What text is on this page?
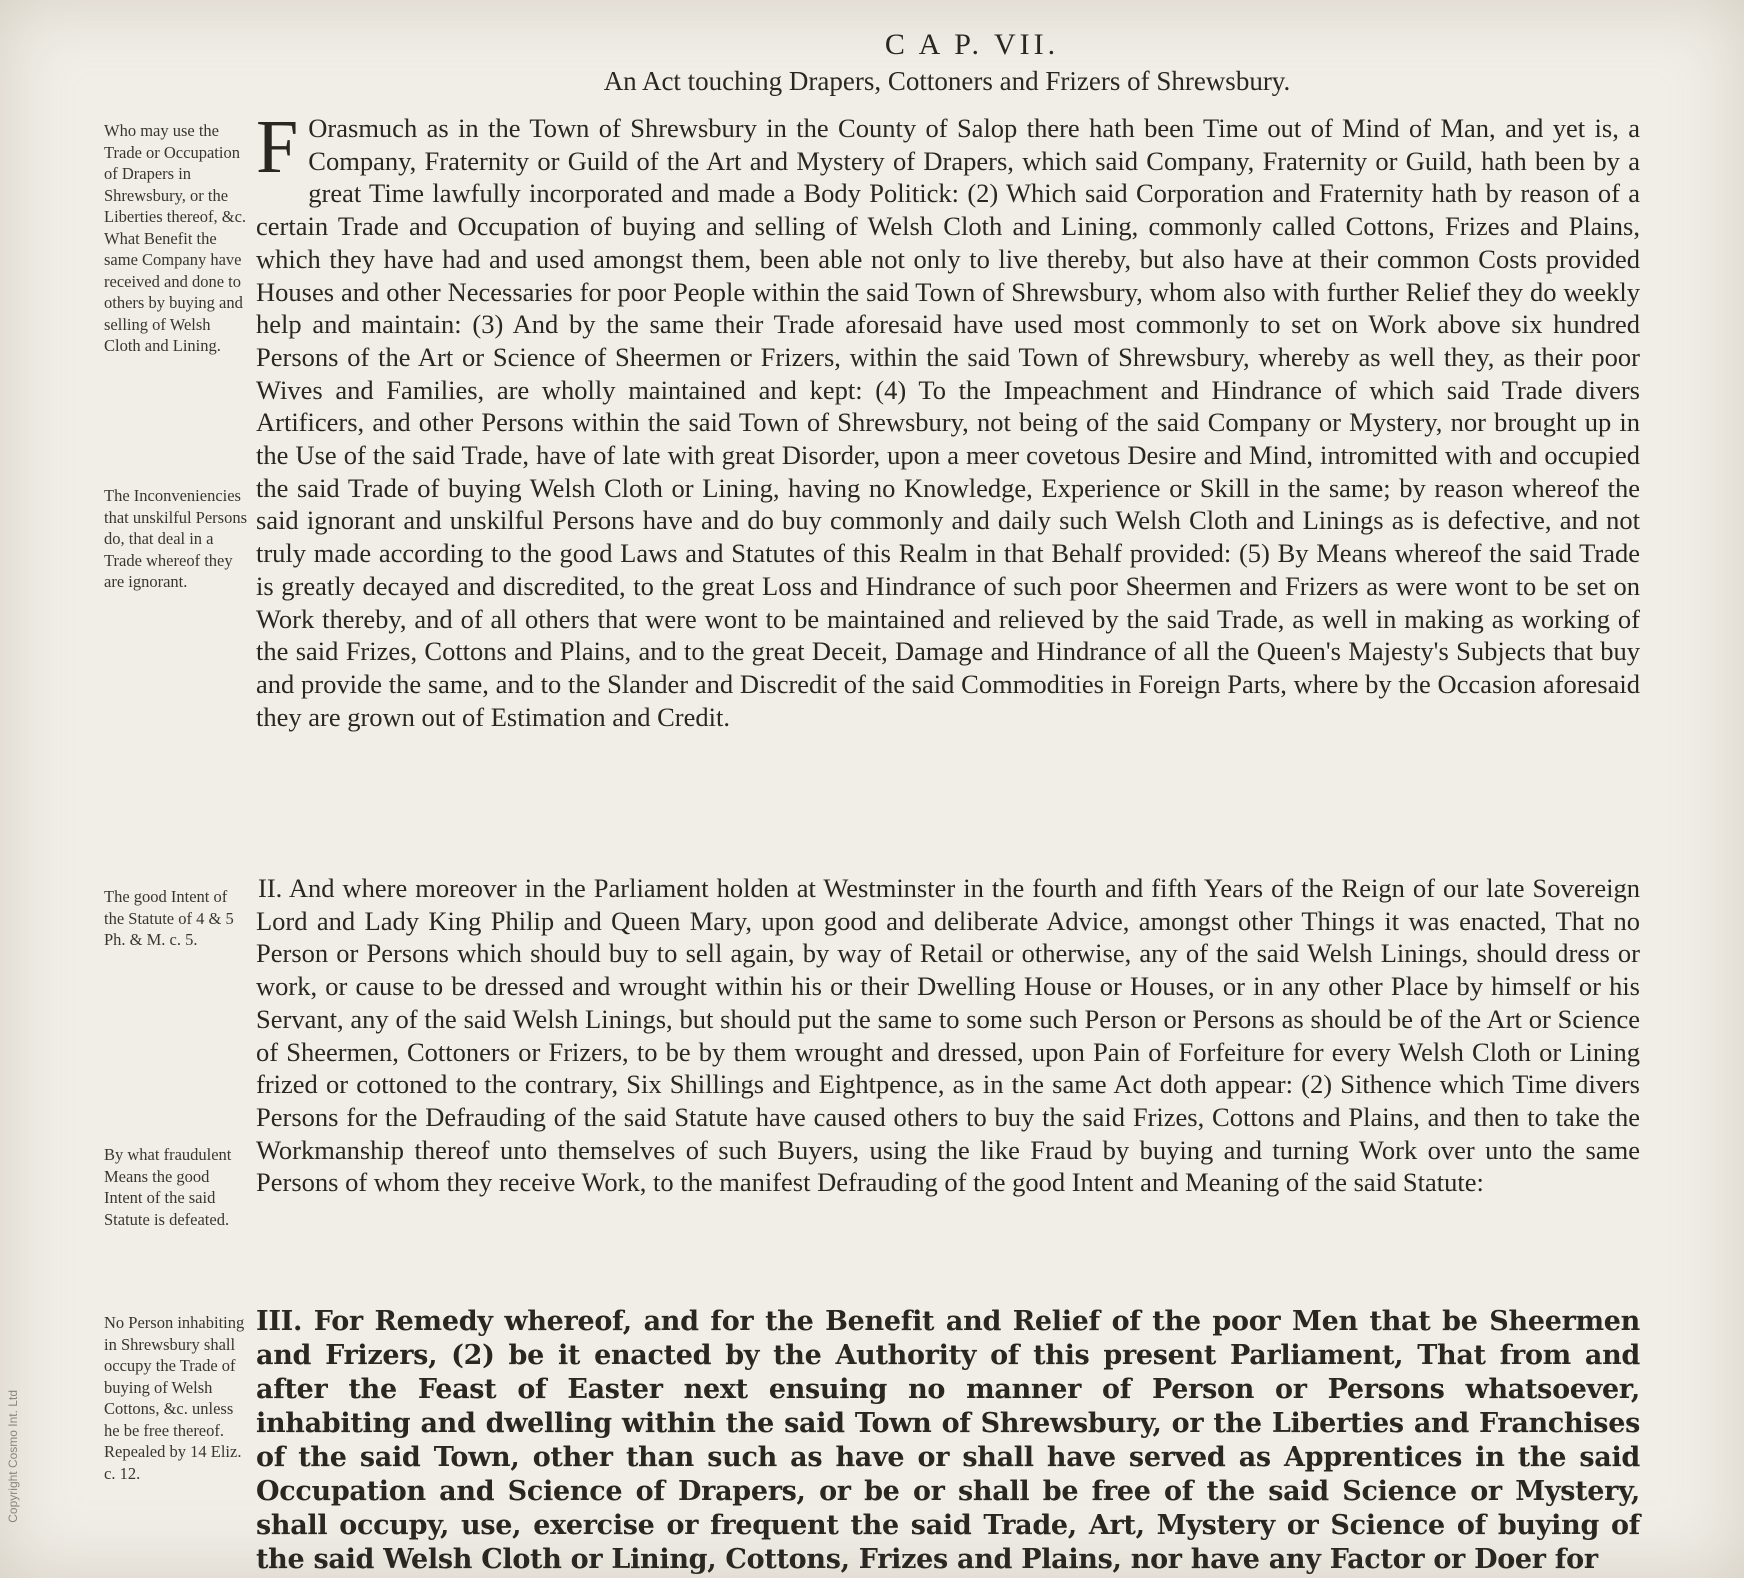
C A P. VII.
An Act touching Drapers, Cottoners and Frizers of Shrewsbury.
Who may use the Trade or Occupation of Drapers in Shrewsbury, or the Liberties thereof, &c. What Benefit the same Company have received and done to others by buying and selling of Welsh Cloth and Lining.
The Inconveniencies that unskilful Persons do, that deal in a Trade whereof they are ignorant.
The good Intent of the Statute of 4 & 5 Ph. & M. c. 5.
By what fraudulent Means the good Intent of the said Statute is defeated.
No Person inhabiting in Shrewsbury shall occupy the Trade of buying of Welsh Cottons, &c. unless he be free thereof. Repealed by 14 Eliz. c. 12.
F Orasmuch as in the Town of Shrewsbury in the County of Salop there hath been Time out of Mind of Man, and yet is, a Company, Fraternity or Guild of the Art and Mystery of Drapers, which said Company, Fraternity or Guild, hath been by a great Time lawfully incorporated and made a Body Politick: (2) Which said Corporation and Fraternity hath by reason of a certain Trade and Occupation of buying and selling of Welsh Cloth and Lining, commonly called Cottons, Frizes and Plains, which they have had and used amongst them, been able not only to live thereby, but also have at their common Costs provided Houses and other Necessaries for poor People within the said Town of Shrewsbury, whom also with further Relief they do weekly help and maintain: (3) And by the same their Trade aforesaid have used most commonly to set on Work above six hundred Persons of the Art or Science of Sheermen or Frizers, within the said Town of Shrewsbury, whereby as well they, as their poor Wives and Families, are wholly maintained and kept: (4) To the Impeachment and Hindrance of which said Trade divers Artificers, and other Persons within the said Town of Shrewsbury, not being of the said Company or Mystery, nor brought up in the Use of the said Trade, have of late with great Disorder, upon a meer covetous Desire and Mind, intromitted with and occupied the said Trade of buying Welsh Cloth or Lining, having no Knowledge, Experience or Skill in the same; by reason whereof the said ignorant and unskilful Persons have and do buy commonly and daily such Welsh Cloth and Linings as is defective, and not truly made according to the good Laws and Statutes of this Realm in that Behalf provided: (5) By Means whereof the said Trade is greatly decayed and discredited, to the great Loss and Hindrance of such poor Sheermen and Frizers as were wont to be set on Work thereby, and of all others that were wont to be maintained and relieved by the said Trade, as well in making as working of the said Frizes, Cottons and Plains, and to the great Deceit, Damage and Hindrance of all the Queen's Majesty's Subjects that buy and provide the same, and to the Slander and Discredit of the said Commodities in Foreign Parts, where by the Occasion aforesaid they are grown out of Estimation and Credit.
II. And where moreover in the Parliament holden at Westminster in the fourth and fifth Years of the Reign of our late Sovereign Lord and Lady King Philip and Queen Mary, upon good and deliberate Advice, amongst other Things it was enacted, That no Person or Persons which should buy to sell again, by way of Retail or otherwise, any of the said Welsh Linings, should dress or work, or cause to be dressed and wrought within his or their Dwelling House or Houses, or in any other Place by himself or his Servant, any of the said Welsh Linings, but should put the same to some such Person or Persons as should be of the Art or Science of Sheermen, Cottoners or Frizers, to be by them wrought and dressed, upon Pain of Forfeiture for every Welsh Cloth or Lining frized or cottoned to the contrary, Six Shillings and Eightpence, as in the same Act doth appear: (2) Sithence which Time divers Persons for the Defrauding of the said Statute have caused others to buy the said Frizes, Cottons and Plains, and then to take the Workmanship thereof unto themselves of such Buyers, using the like Fraud by buying and turning Work over unto the same Persons of whom they receive Work, to the manifest Defrauding of the good Intent and Meaning of the said Statute:
III. For Remedy whereof, and for the Benefit and Relief of the poor Men that be Sheermen and Frizers, (2) be it enacted by the Authority of this present Parliament, That from and after the Feast of Easter next ensuing no manner of Person or Persons whatsoever, inhabiting and dwelling within the said Town of Shrewsbury, or the Liberties and Franchises of the said Town, other than such as have or shall have served as Apprentices in the said Occupation and Science of Drapers, or be or shall be free of the said Science or Mystery, shall occupy, use, exercise or frequent the said Trade, Art, Mystery or Science of buying of the said Welsh Cloth or Lining, Cottons, Frizes and Plains, nor have any Factor or Doer for
Copyright Cosmo Int. Ltd
